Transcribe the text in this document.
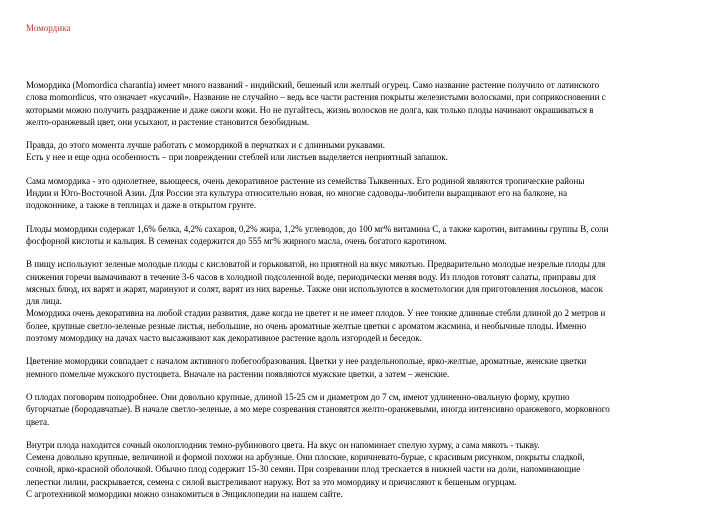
Момордика

Момордика (Momordica charantia) имеет много названий - индийский, бешеный или желтый огурец. Само название растение получило от латинского
слова momordicus, что означает «кусачий». Название не случайно – ведь все части растения покрыты железистыми волосками, при соприкосновении с
которыми можно получить раздражение и даже ожоги кожи. Но не пугайтесь, жизнь волосков не долга, как только плоды начинают окрашиваться в
желто-оранжевый цвет, они усыхают, и растение становится безобидным.
Правда, до этого момента лучше работать с момордикой в перчатках и с длинными рукавами.
Есть у нее и еще одна особенность – при повреждении стеблей или листьев выделяется неприятный запашок.
Сама момордика - это однолетнее, вьющееся, очень декоративное растение из семейства Тыквенных. Его родиной являются тропические районы
Индии и Юго-Восточной Азии. Для России эта культура относительно новая, но многие садоводы-любители выращивают его на балконе, на
подоконнике, а также в теплицах и даже в открытом грунте.
Плоды момордики содержат 1,6% белка, 4,2% сахаров, 0,2% жира, 1,2% углеводов, до 100 мг% витамина С, а также каротин, витамины группы В, соли
фосфорной кислоты и кальция. В семенах содержится до 555 мг% жирного масла, очень богатого каротином.
В пищу используют зеленые молодые плоды с кисловатой и горьковатой, но приятной на вкус мякотью. Предварительно молодые незрелые плоды для
снижения горечи вымачивают в течение 3-6 часов в холодной подсоленной воде, периодически меняя воду. Из плодов готовят салаты, приправы для
мясных блюд, их варят и жарят, маринуют и солят, варят из них варенье. Также они используются в косметологии для приготовления лосьонов, масок
для лица.
Момордика очень декоративна на любой стадии развития, даже когда не цветет и не имеет плодов. У нее тонкие длинные стебли длиной до 2 метров и
более, крупные светло-зеленые резные листья, небольшие, но очень ароматные желтые цветки с ароматом жасмина, и необычные плоды. Именно
поэтому момордику на дачах часто высаживают как декоративное растение вдоль изгородей и беседок.
Цветение момордики совпадает с началом активного побегообразования. Цветки у нее раздельнополые, ярко-желтые, ароматные, женские цветки
немного помельче мужского пустоцвета. Вначале на растении появляются мужские цветки, а затем – женские.
О плодах поговорим поподробнее. Они довольно крупные, длиной 15-25 см и диаметром до 7 см, имеют удлиненно-овальную форму, крупно
бугорчатые (бородавчатые). В начале светло-зеленые, а мо мере созревания становятся желто-оранжевыми, иногда интенсивно оранжевого, морковного
цвета.
Внутри плода находится сочный околоплодник темно-рубинового цвета. На вкус он напоминает спелую хурму, а сама мякоть - тыкву.
Семена довольно крупные, величиной и формой похожи на арбузные. Они плоские, коричневато-бурые, с красивым рисунком, покрыты сладкой,
сочной, ярко-красной оболочкой. Обычно плод содержит 15-30 семян. При созревании плод трескается в нижней части на доли, напоминающие
лепестки лилии, раскрывается, семена с силой выстреливают наружу. Вот за это момордику и причисляют к бешеным огурцам.
С агротехникой момордики можно ознакомиться в Энциклопедии на нашем сайте.
